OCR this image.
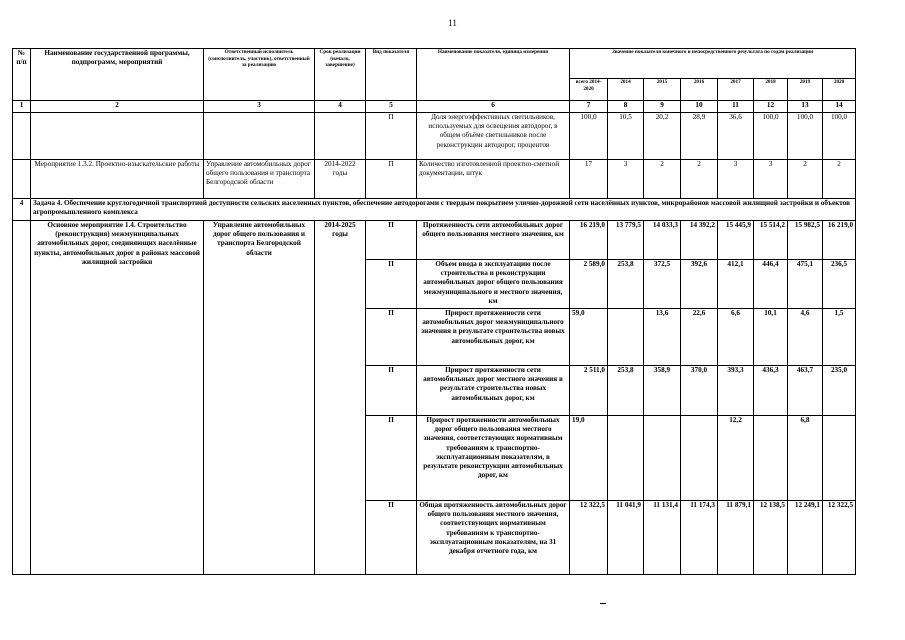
11
№ п/п	Наименование государственной программы, подпрограмм, мероприятий	Ответственный исполнитель (соисполнитель, участник), ответственный за реализацию	Срок реализации (начало, завершение)	Вид показателя	Наименование показателя, единица измерения	Значение показателя конечного и непосредственного результата по годам реализации							
						всего 2014-2020	2014	2015	2016	2017	2018	2019	2020
1	2	3	4	5	6	7	8	9	10	11	12	13	14
				П	Доля энергоэффективных светильников, используемых для освещения автодорог, в общем объёме светильников после реконструкции автодорог, процентов	100,0	10,5	20,2	28,9	36,6	100,0	100,0	100,0
	Мероприятие 1.3.2. Проектно-изыскательские работы	Управление автомобильных дорог общего пользования и транспорта Белгородской области	2014-2022 годы	П	Количество изготовленной проектно-сметной документации, штук	17	3	2	2	3	3	2	2
4	Задача 4. Обеспечение круглогодичной транспортной доступности сельских населенных пунктов, обеспечение автодорогами с твердым покрытием улично-дорожной сети населённых пунктов, микрорайонов массовой жилищной застройки и объектов агропромышленного комплекса												
	Основное мероприятие 1.4. Строительство (реконструкция) межмуниципальных автомобильных дорог, соединяющих населённые пункты, автомобильных дорог в районах массовой жилищной застройки	Управление автомобильных дорог общего пользования и транспорта Белгородской области	2014-2025 годы	П	Протяженность сети автомобильных дорог общего пользования местного значения, км	16 219,0	13 779,5	14 033,3	14 392,2	15 445,9	15 514,2	15 982,5	16 219,0
				П	Объем ввода в эксплуатацию после строительства и реконструкции автомобильных дорог общего пользования межмуниципального и местного значения, км	2 589,0	253,8	372,5	392,6	412,1	446,4	475,1	236,5
				П	Прирост протяженности сети автомобильных дорог межмуниципального значения в результате строительства новых автомобильных дорог, км	59,0		13,6	22,6	6,6	10,1	4,6	1,5
				П	Прирост протяженности сети автомобильных дорог местного значения в результате строительства новых автомобильных дорог, км	2 511,0	253,8	358,9	370,0	393,3	436,3	463,7	235,0
				П	Прирост протяженности автомобильных дорог общего пользования местного значения, соответствующих нормативным требованиям к транспортно-эксплуатационным показателям, в результате реконструкции автомобильных дорог, км	19,0				12,2		6,8	
				П	Общая протяженность автомобильных дорог общего пользования местного значения, соответствующих нормативным требованиям к транспортно-эксплуатационным показателям, на 31 декабря отчетного года, км	12 322,5	11 041,9	11 131,4	11 174,3	11 879,1	12 138,5	12 249,1	12 322,5
